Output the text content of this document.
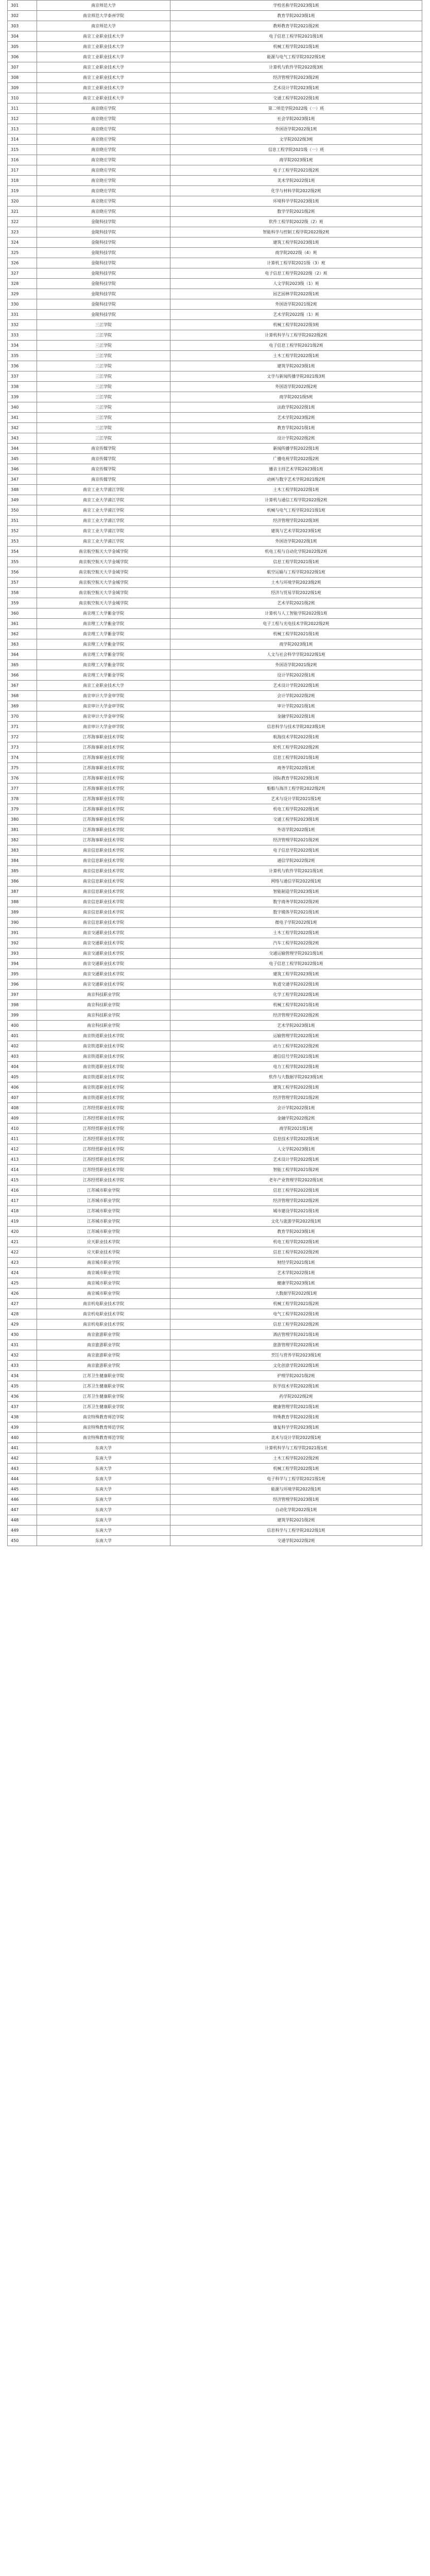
301	南京师范大学	学校名称学院2023级1班
302	南京师范大学泰州学院	教育学院2023级1班
303	南京师范大学	教师教育学院2021级2班
304	南京工业职业技术大学	电子信息工程学院2021级1班
305	南京工业职业技术大学	机械工程学院2021级1班
306	南京工业职业技术大学	能源与电气工程学院2022级1班
307	南京工业职业技术大学	计算机与软件学院2022级3班
308	南京工业职业技术大学	经济管理学院2023级2班
309	南京工业职业技术大学	艺术设计学院2023级1班
310	南京工业职业技术大学	交通工程学院2022级1班
311	南京晓庄学院	第二师范学院2022级（一）班
312	南京晓庄学院	社会学院2023级1班
313	南京晓庄学院	外国语学院2022级1班
314	南京晓庄学院	文学院2022级3班
315	南京晓庄学院	信息工程学院2021级（一）班
316	南京晓庄学院	商学院2023级1班
317	南京晓庄学院	电子工程学院2021级2班
318	南京晓庄学院	美术学院2022级1班
319	南京晓庄学院	化学与材料学院2022级2班
320	南京晓庄学院	环境科学学院2023级1班
321	南京晓庄学院	数学学院2021级2班
322	金陵科技学院	软件工程学院2022级（2）班
323	金陵科技学院	智能科学与控制工程学院2022级2班
324	金陵科技学院	建筑工程学院2023级1班
325	金陵科技学院	商学院2022级（4）班
326	金陵科技学院	计算机工程学院2021级（3）班
327	金陵科技学院	电子信息工程学院2022级（2）班
328	金陵科技学院	人文学院2023级（1）班
329	金陵科技学院	园艺园林学院2022级1班
330	金陵科技学院	外国语学院2021级2班
331	金陵科技学院	艺术学院2022级（1）班
332	三江学院	机械工程学院2022级3班
333	三江学院	计算机科学与工程学院2022级2班
334	三江学院	电子信息工程学院2021级2班
335	三江学院	土木工程学院2022级1班
336	三江学院	建筑学院2023级1班
337	三江学院	文学与新闻传播学院2021级3班
338	三江学院	外国语学院2022级2班
339	三江学院	商学院2021级5班
340	三江学院	法政学院2022级1班
341	三江学院	艺术学院2023级2班
342	三江学院	教育学院2021级1班
343	三江学院	设计学院2022级2班
344	南京传媒学院	新闻传播学院2022级1班
345	南京传媒学院	广播电视学院2022级2班
346	南京传媒学院	播音主持艺术学院2023级1班
347	南京传媒学院	动画与数字艺术学院2021级2班
348	南京工业大学浦江学院	土木工程学院2022级1班
349	南京工业大学浦江学院	计算机与通信工程学院2022级2班
350	南京工业大学浦江学院	机械与电气工程学院2021级1班
351	南京工业大学浦江学院	经济管理学院2022级3班
352	南京工业大学浦江学院	建筑与艺术学院2023级1班
353	南京工业大学浦江学院	外国语学院2022级1班
354	南京航空航天大学金城学院	机电工程与自动化学院2022级2班
355	南京航空航天大学金城学院	信息工程学院2021级1班
356	南京航空航天大学金城学院	航空运输与工程学院2022级1班
357	南京航空航天大学金城学院	土木与环境学院2023级2班
358	南京航空航天大学金城学院	经济与贸易学院2022级1班
359	南京航空航天大学金城学院	艺术学院2021级2班
360	南京理工大学紫金学院	计算机与人工智能学院2022级1班
361	南京理工大学紫金学院	电子工程与光电技术学院2022级2班
362	南京理工大学紫金学院	机械工程学院2021级1班
363	南京理工大学紫金学院	商学院2023级1班
364	南京理工大学紫金学院	人文与社会科学学院2022级1班
365	南京理工大学紫金学院	外国语学院2021级2班
366	南京理工大学紫金学院	设计学院2022级1班
367	南京工业职业技术大学	艺术设计学院2022级1班
368	南京审计大学金审学院	会计学院2022级2班
369	南京审计大学金审学院	审计学院2021级1班
370	南京审计大学金审学院	金融学院2022级1班
371	南京审计大学金审学院	信息科学与技术学院2023级1班
372	江苏海事职业技术学院	航海技术学院2022级1班
373	江苏海事职业技术学院	轮机工程学院2022级2班
374	江苏海事职业技术学院	信息工程学院2021级1班
375	江苏海事职业技术学院	商务学院2022级1班
376	江苏海事职业技术学院	国际教育学院2023级1班
377	江苏海事职业技术学院	船舶与海洋工程学院2022级2班
378	江苏海事职业技术学院	艺术与设计学院2021级1班
379	江苏海事职业技术学院	机电工程学院2022级1班
380	江苏海事职业技术学院	交通工程学院2023级1班
381	江苏海事职业技术学院	外语学院2022级1班
382	江苏海事职业技术学院	经济管理学院2021级2班
383	南京信息职业技术学院	电子信息学院2022级1班
384	南京信息职业技术学院	通信学院2022级2班
385	南京信息职业技术学院	计算机与软件学院2021级1班
386	南京信息职业技术学院	网络与通信学院2022级1班
387	南京信息职业技术学院	智能制造学院2023级1班
388	南京信息职业技术学院	数字商务学院2022级2班
389	南京信息职业技术学院	数字媒体学院2021级1班
390	南京信息职业技术学院	微电子学院2022级1班
391	南京交通职业技术学院	土木工程学院2022级1班
392	南京交通职业技术学院	汽车工程学院2022级2班
393	南京交通职业技术学院	交通运输管理学院2021级1班
394	南京交通职业技术学院	电子信息工程学院2022级1班
395	南京交通职业技术学院	建筑工程学院2023级1班
396	南京交通职业技术学院	轨道交通学院2022级1班
397	南京科技职业学院	化学工程学院2022级1班
398	南京科技职业学院	机械工程学院2021级1班
399	南京科技职业学院	经济管理学院2022级2班
400	南京科技职业学院	艺术学院2023级1班
401	南京铁道职业技术学院	运输管理学院2022级1班
402	南京铁道职业技术学院	动力工程学院2022级2班
403	南京铁道职业技术学院	通信信号学院2021级1班
404	南京铁道职业技术学院	电力工程学院2022级1班
405	南京铁道职业技术学院	软件与大数据学院2023级1班
406	南京铁道职业技术学院	建筑工程学院2022级1班
407	南京铁道职业技术学院	经济管理学院2021级2班
408	江苏经贸职业技术学院	会计学院2022级1班
409	江苏经贸职业技术学院	金融学院2022级2班
410	江苏经贸职业技术学院	商学院2021级1班
411	江苏经贸职业技术学院	信息技术学院2022级1班
412	江苏经贸职业技术学院	人文学院2023级1班
413	江苏经贸职业技术学院	艺术设计学院2022级1班
414	江苏经贸职业技术学院	智能工程学院2021级2班
415	江苏经贸职业技术学院	老年产业管理学院2022级1班
416	江苏城市职业学院	信息工程学院2022级1班
417	江苏城市职业学院	经济管理学院2022级2班
418	江苏城市职业学院	城市建设学院2021级1班
419	江苏城市职业学院	文化与旅游学院2022级1班
420	江苏城市职业学院	教育学院2023级1班
421	应天职业技术学院	机电工程学院2022级1班
422	应天职业技术学院	信息工程学院2022级2班
423	南京城市职业学院	财经学院2021级1班
424	南京城市职业学院	艺术学院2022级1班
425	南京城市职业学院	健康学院2023级1班
426	南京城市职业学院	大数据学院2022级1班
427	南京机电职业技术学院	机械工程学院2021级2班
428	南京机电职业技术学院	电气工程学院2022级1班
429	南京机电职业技术学院	信息工程学院2022级2班
430	南京旅游职业学院	酒店管理学院2021级1班
431	南京旅游职业学院	旅游管理学院2022级1班
432	南京旅游职业学院	烹饪与营养学院2023级1班
433	南京旅游职业学院	文化创意学院2022级1班
434	江苏卫生健康职业学院	护理学院2021级2班
435	江苏卫生健康职业学院	医学技术学院2022级1班
436	江苏卫生健康职业学院	药学院2022级2班
437	江苏卫生健康职业学院	健康管理学院2021级1班
438	南京特殊教育师范学院	特殊教育学院2022级1班
439	南京特殊教育师范学院	康复科学学院2023级1班
440	南京特殊教育师范学院	美术与设计学院2022级1班
441	东南大学	计算机科学与工程学院2021级1班
442	东南大学	土木工程学院2022级2班
443	东南大学	机械工程学院2022级1班
444	东南大学	电子科学与工程学院2021级1班
445	东南大学	能源与环境学院2022级1班
446	东南大学	经济管理学院2023级1班
447	东南大学	自动化学院2022级1班
448	东南大学	建筑学院2021级2班
449	东南大学	信息科学与工程学院2022级1班
450	东南大学	交通学院2022级2班
